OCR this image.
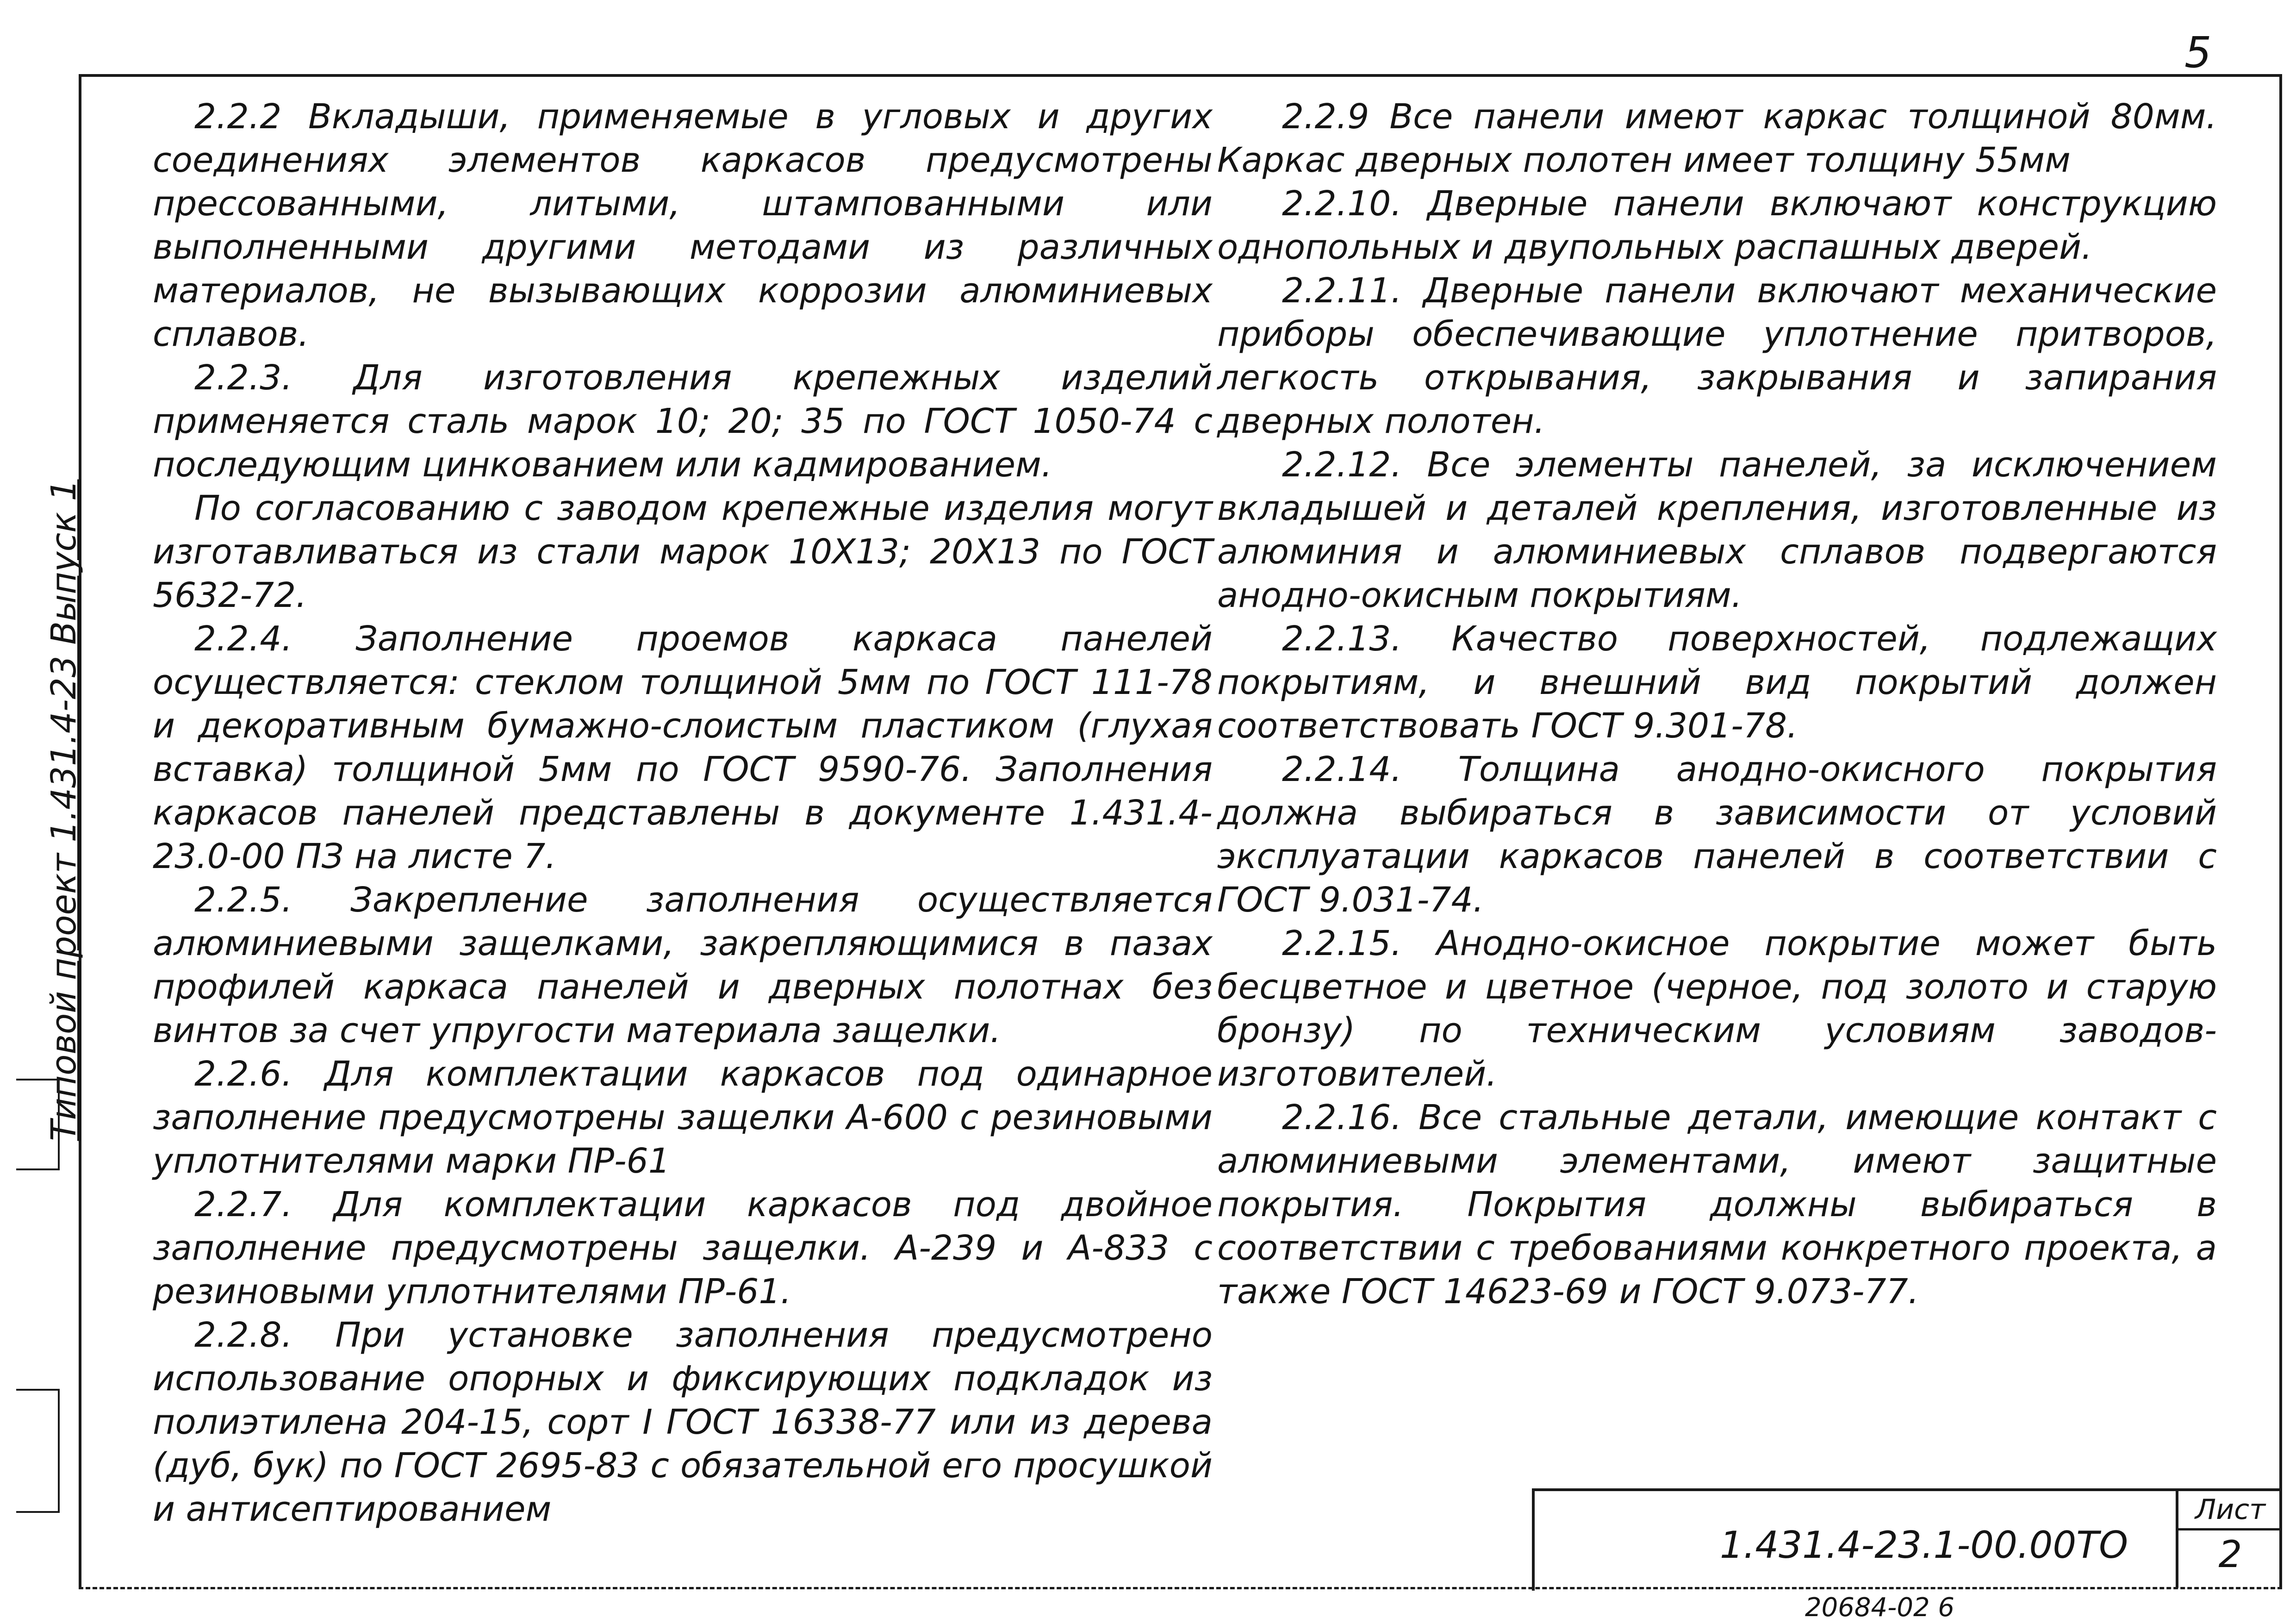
5
Типовой проект 1.431.4-23 Выпуск 1

2.2.2 Вкладыши, применяемые в угловых и других соединениях элементов каркасов предусмотрены прессованными, литыми, штампованными или выполненными другими методами из различных материалов, не вызывающих коррозии алюминиевых сплавов.

2.2.3. Для изготовления крепежных изделий применяется сталь марок 10; 20; 35 по ГОСТ 1050-74 с последующим цинкованием или кадмированием.

По согласованию с заводом крепежные изделия могут изготавливаться из стали марок 10Х13; 20Х13 по ГОСТ 5632-72.

2.2.4. Заполнение проемов каркаса панелей осуществляется: стеклом толщиной 5мм по ГОСТ 111-78 и декоративным бумажно-слоистым пластиком (глухая вставка) толщиной 5мм по ГОСТ 9590-76. Заполнения каркасов панелей представлены в документе 1.431.4-23.0-00 ПЗ на листе 7.

2.2.5. Закрепление заполнения осуществляется алюминиевыми защелками, закрепляющимися в пазах профилей каркаса панелей и дверных полотнах без винтов за счет упругости материала защелки.

2.2.6. Для комплектации каркасов под одинарное заполнение предусмотрены защелки А-600 с резиновыми уплотнителями марки ПР-61

2.2.7. Для комплектации каркасов под двойное заполнение предусмотрены защелки. А-239 и А-833 с резиновыми уплотнителями ПР-61.

2.2.8. При установке заполнения предусмотрено использование опорных и фиксирующих подкладок из полиэтилена 204-15, сорт I ГОСТ 16338-77 или из дерева (дуб, бук) по ГОСТ 2695-83 с обязательной его просушкой и антисептированием

2.2.9 Все панели имеют каркас толщиной 80мм. Каркас дверных полотен имеет толщину 55мм

2.2.10. Дверные панели включают конструкцию однопольных и двупольных распашных дверей.

2.2.11. Дверные панели включают механические приборы обеспечивающие уплотнение притворов, легкость открывания, закрывания и запирания дверных полотен.

2.2.12. Все элементы панелей, за исключением вкладышей и деталей крепления, изготовленные из алюминия и алюминиевых сплавов подвергаются анодно-окисным покрытиям.

2.2.13. Качество поверхностей, подлежащих покрытиям, и внешний вид покрытий должен соответствовать ГОСТ 9.301-78.

2.2.14. Толщина анодно-окисного покрытия должна выбираться в зависимости от условий эксплуатации каркасов панелей в соответствии с ГОСТ 9.031-74.

2.2.15. Анодно-окисное покрытие может быть бесцветное и цветное (черное, под золото и старую бронзу) по техническим условиям заводов-изготовителей.

2.2.16. Все стальные детали, имеющие контакт с алюминиевыми элементами, имеют защитные покрытия. Покрытия должны выбираться в соответствии с требованиями конкретного проекта, а также ГОСТ 14623-69 и ГОСТ 9.073-77.

1.431.4-23.1-00.00ТО
Лист
2
20684-02 6
